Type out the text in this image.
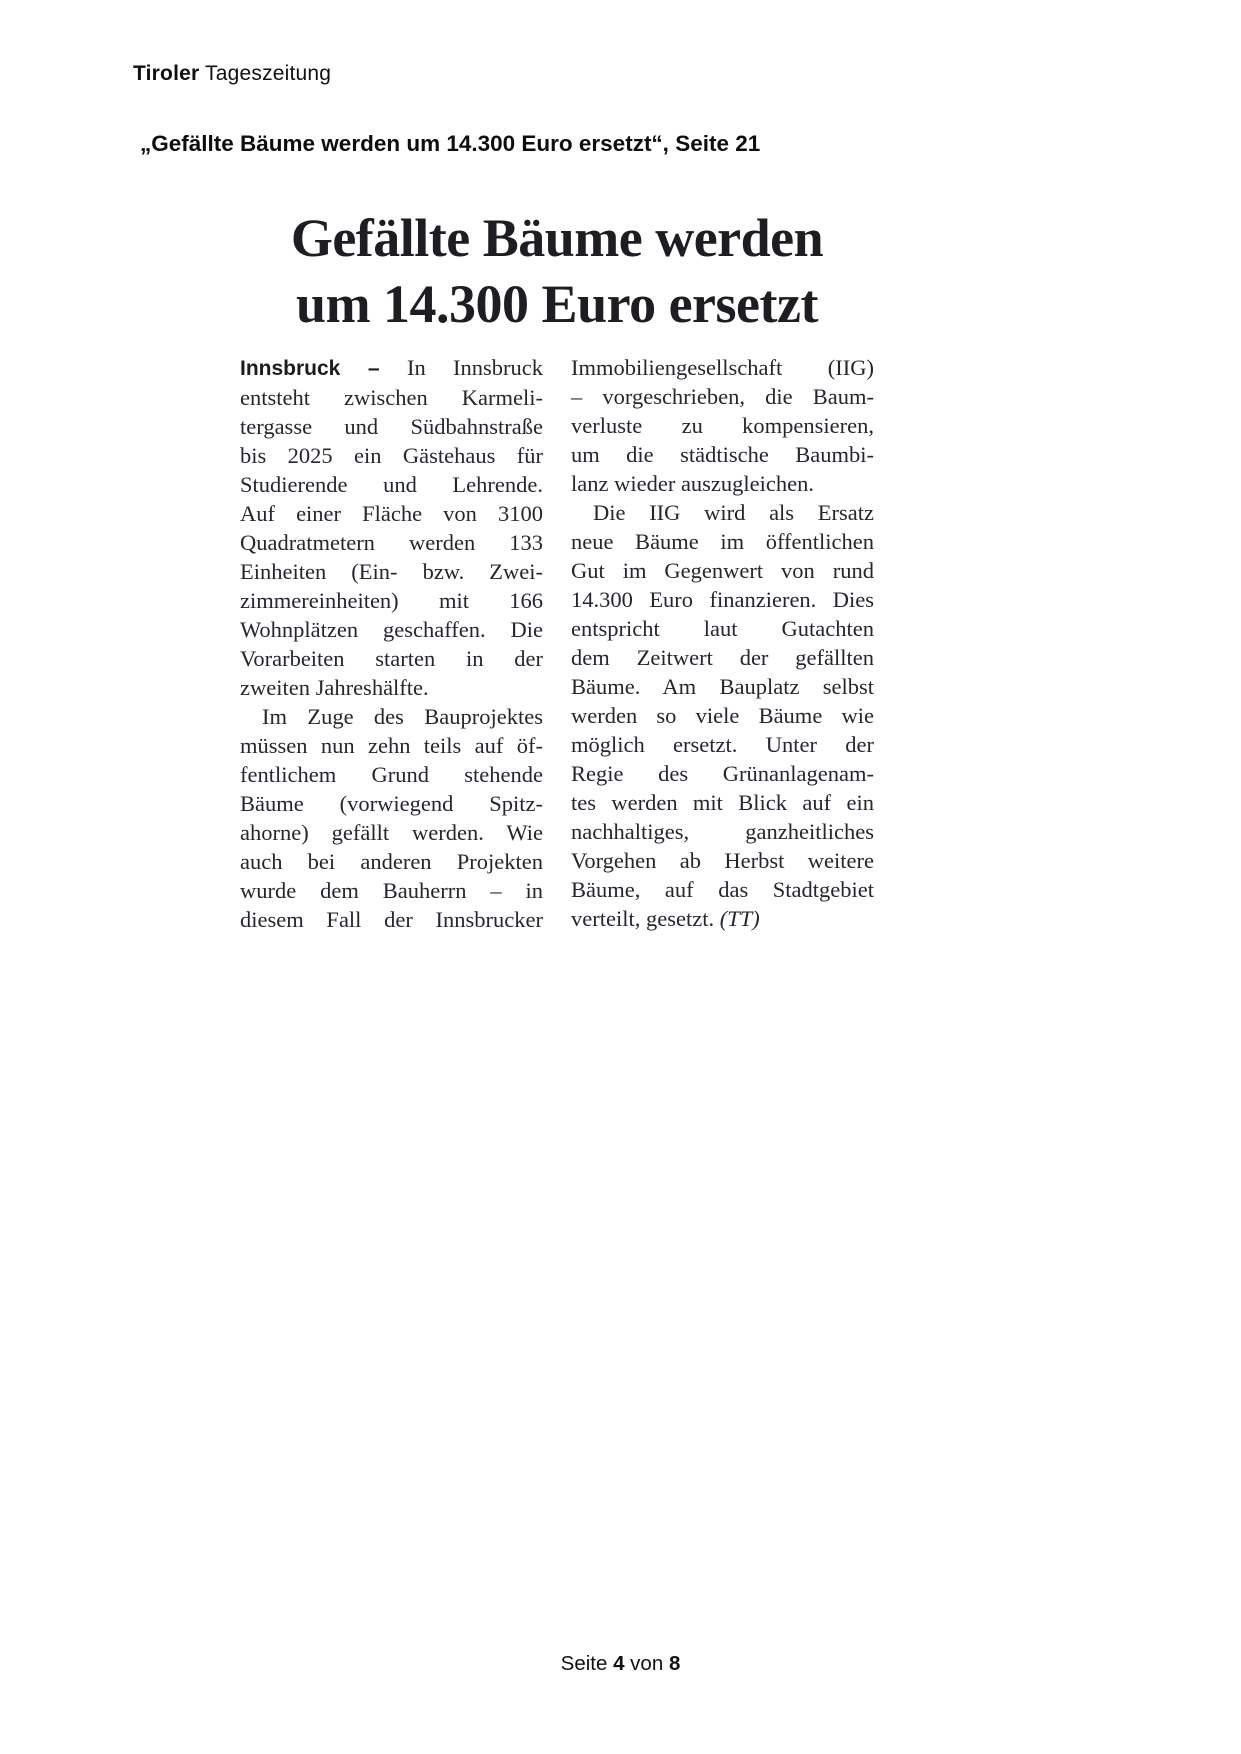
Tiroler Tageszeitung
„Gefällte Bäume werden um 14.300 Euro ersetzt“, Seite 21
Gefällte Bäume werden
um 14.300 Euro ersetzt
Innsbruck – In Innsbruck
entsteht zwischen Karmeli-
tergasse und Südbahnstraße
bis 2025 ein Gästehaus für
Studierende und Lehrende.
Auf einer Fläche von 3100
Quadratmetern werden 133
Einheiten (Ein- bzw. Zwei-
zimmereinheiten) mit 166
Wohnplätzen geschaffen. Die
Vorarbeiten starten in der
zweiten Jahreshälfte.
Im Zuge des Bauprojektes
müssen nun zehn teils auf öf-
fentlichem Grund stehende
Bäume (vorwiegend Spitz-
ahorne) gefällt werden. Wie
auch bei anderen Projekten
wurde dem Bauherrn – in
diesem Fall der Innsbrucker
Immobiliengesellschaft (IIG)
– vorgeschrieben, die Baum-
verluste zu kompensieren,
um die städtische Baumbi-
lanz wieder auszugleichen.
Die IIG wird als Ersatz
neue Bäume im öffentlichen
Gut im Gegenwert von rund
14.300 Euro finanzieren. Dies
entspricht laut Gutachten
dem Zeitwert der gefällten
Bäume. Am Bauplatz selbst
werden so viele Bäume wie
möglich ersetzt. Unter der
Regie des Grünanlagenam-
tes werden mit Blick auf ein
nachhaltiges, ganzheitliches
Vorgehen ab Herbst weitere
Bäume, auf das Stadtgebiet
verteilt, gesetzt. (TT)
Seite 4 von 8
